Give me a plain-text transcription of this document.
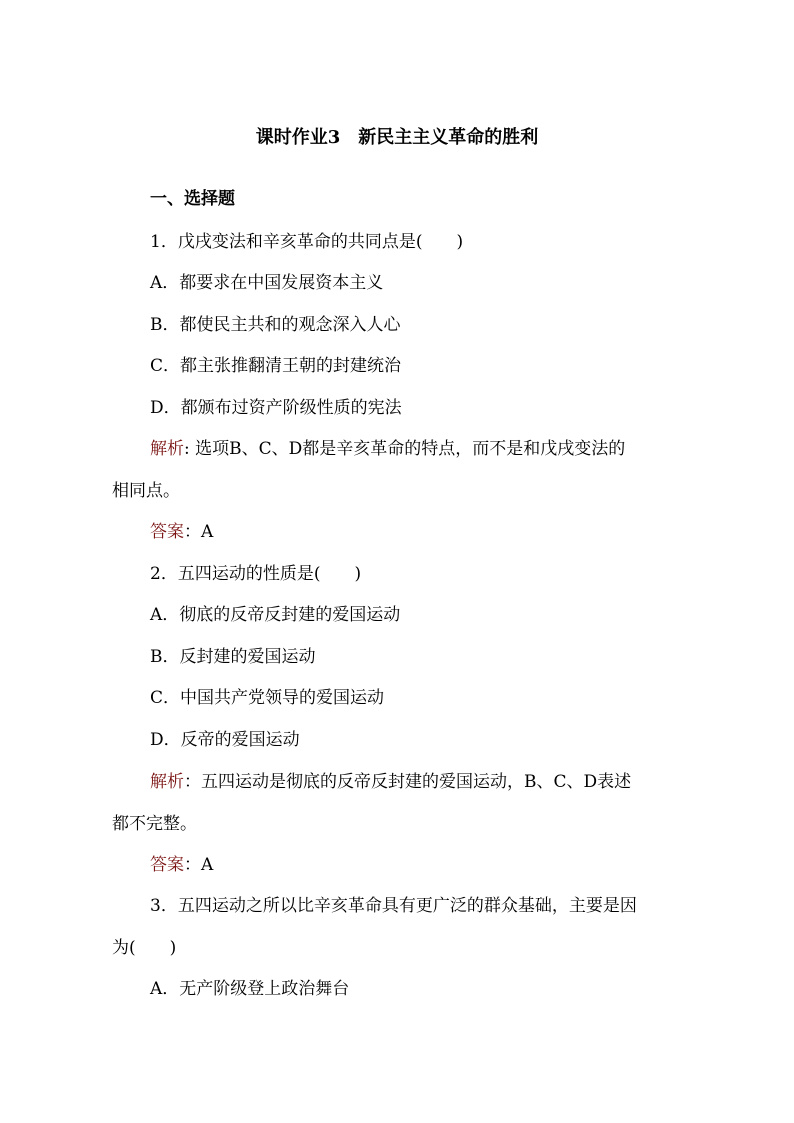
课时作业3　新民主主义革命的胜利
一、选择题
1．戊戌变法和辛亥革命的共同点是(　　)
A．都要求在中国发展资本主义
B．都使民主共和的观念深入人心
C．都主张推翻清王朝的封建统治
D．都颁布过资产阶级性质的宪法
解析: 选项B、C、D都是辛亥革命的特点，而不是和戊戌变法的
相同点。
答案：A
2．五四运动的性质是(　　)
A．彻底的反帝反封建的爱国运动
B．反封建的爱国运动
C．中国共产党领导的爱国运动
D．反帝的爱国运动
解析：五四运动是彻底的反帝反封建的爱国运动，B、C、D表述
都不完整。
答案：A
3．五四运动之所以比辛亥革命具有更广泛的群众基础，主要是因
为(　　)
A．无产阶级登上政治舞台
